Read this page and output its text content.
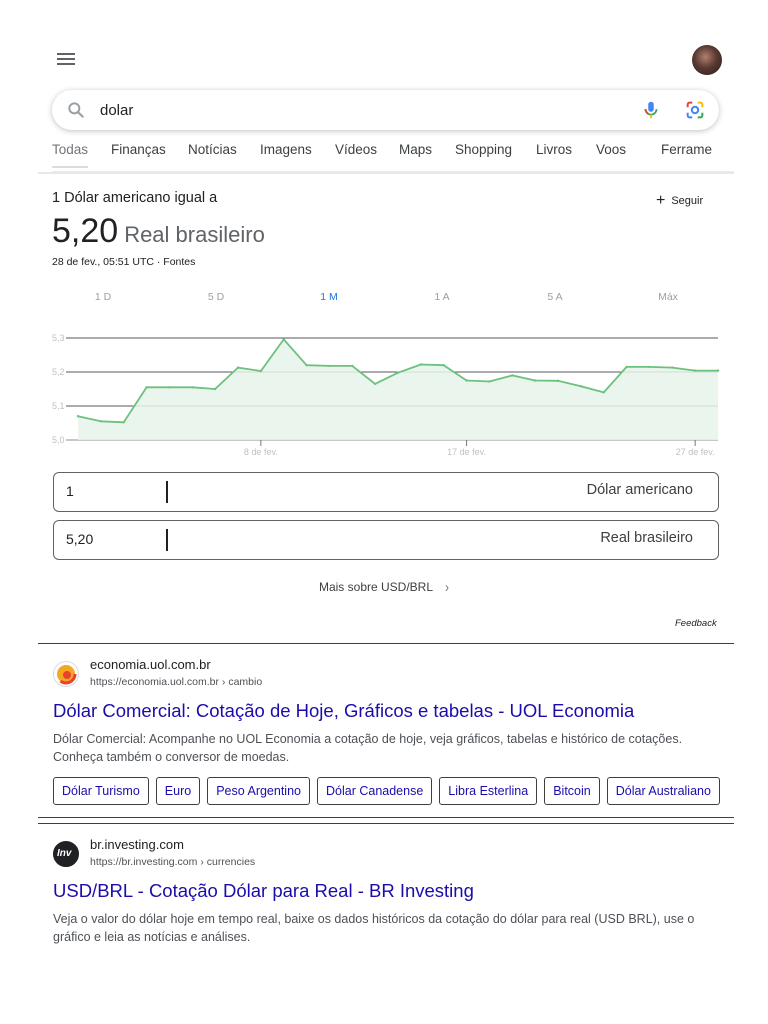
dolar
Todas Finanças Notícias Imagens Vídeos Maps Shopping Livros Voos	Ferrame
1 Dólar americano igual a	+ Seguir
5,20 Real brasileiro
28 de fev., 05:51 UTC · Fontes
1 D	5 D	1 M	1 A	5 A	Máx
5,3
5,2
5,1
5,0
8 de fev.	17 de fev.	27 de fev.
1	Dólar americano
5,20	Real brasileiro
Mais sobre USD/BRL ›
Feedback
economia.uol.com.br
https://economia.uol.com.br › cambio
Dólar Comercial: Cotação de Hoje, Gráficos e tabelas - UOL Economia
Dólar Comercial: Acompanhe no UOL Economia a cotação de hoje, veja gráficos, tabelas e histórico de cotações. Conheça também o conversor de moedas.
Dólar Turismo Euro Peso Argentino Dólar Canadense Libra Esterlina Bitcoin Dólar Australiano
Inv
br.investing.com
https://br.investing.com › currencies
USD/BRL - Cotação Dólar para Real - BR Investing
Veja o valor do dólar hoje em tempo real, baixe os dados históricos da cotação do dólar para real (USD BRL), use o gráfico e leia as notícias e análises.
